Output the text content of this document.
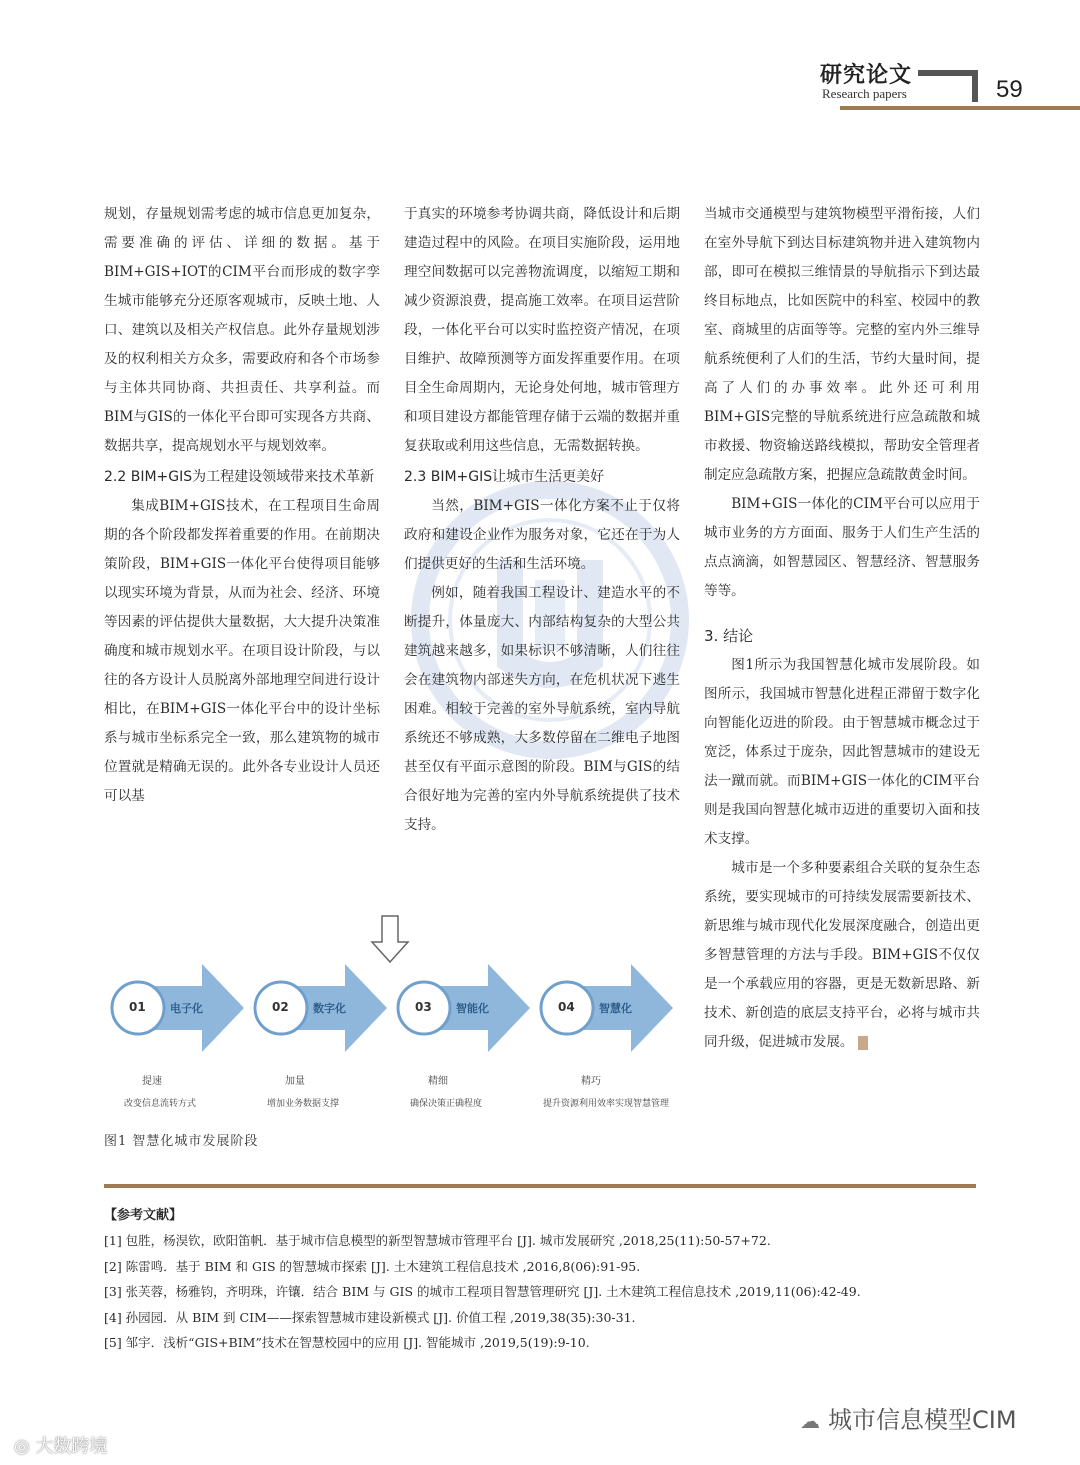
研究论文
Research papers	59

规划，存量规划需考虑的城市信息更加复杂，需要准确的评估、详细的数据。基于BIM+GIS+IOT的CIM平台而形成的数字孪生城市能够充分还原客观城市，反映土地、人口、建筑以及相关产权信息。此外存量规划涉及的权利相关方众多，需要政府和各个市场参与主体共同协商、共担责任、共享利益。而BIM与GIS的一体化平台即可实现各方共商、数据共享，提高规划水平与规划效率。

2.2 BIM+GIS为工程建设领域带来技术革新

集成BIM+GIS技术，在工程项目生命周期的各个阶段都发挥着重要的作用。在前期决策阶段，BIM+GIS一体化平台使得项目能够以现实环境为背景，从而为社会、经济、环境等因素的评估提供大量数据，大大提升决策准确度和城市规划水平。在项目设计阶段，与以往的各方设计人员脱离外部地理空间进行设计相比，在BIM+GIS一体化平台中的设计坐标系与城市坐标系完全一致，那么建筑物的城市位置就是精确无误的。此外各专业设计人员还可以基

于真实的环境参考协调共商，降低设计和后期建造过程中的风险。在项目实施阶段，运用地理空间数据可以完善物流调度，以缩短工期和减少资源浪费，提高施工效率。在项目运营阶段，一体化平台可以实时监控资产情况，在项目维护、故障预测等方面发挥重要作用。在项目全生命周期内，无论身处何地，城市管理方和项目建设方都能管理存储于云端的数据并重复获取或利用这些信息，无需数据转换。

2.3 BIM+GIS让城市生活更美好

当然，BIM+GIS一体化方案不止于仅将政府和建设企业作为服务对象，它还在于为人们提供更好的生活和生活环境。

例如，随着我国工程设计、建造水平的不断提升，体量庞大、内部结构复杂的大型公共建筑越来越多，如果标识不够清晰，人们往往会在建筑物内部迷失方向，在危机状况下逃生困难。相较于完善的室外导航系统，室内导航系统还不够成熟，大多数停留在二维电子地图甚至仅有平面示意图的阶段。BIM与GIS的结合很好地为完善的室内外导航系统提供了技术支持。

当城市交通模型与建筑物模型平滑衔接，人们在室外导航下到达目标建筑物并进入建筑物内部，即可在模拟三维情景的导航指示下到达最终目标地点，比如医院中的科室、校园中的教室、商城里的店面等等。完整的室内外三维导航系统便利了人们的生活，节约大量时间，提高了人们的办事效率。此外还可利用BIM+GIS完整的导航系统进行应急疏散和城市救援、物资输送路线模拟，帮助安全管理者制定应急疏散方案，把握应急疏散黄金时间。

BIM+GIS一体化的CIM平台可以应用于城市业务的方方面面、服务于人们生产生活的点点滴滴，如智慧园区、智慧经济、智慧服务等等。

3. 结论

图1所示为我国智慧化城市发展阶段。如图所示，我国城市智慧化进程正滞留于数字化向智能化迈进的阶段。由于智慧城市概念过于宽泛，体系过于庞杂，因此智慧城市的建设无法一蹴而就。而BIM+GIS一体化的CIM平台则是我国向智慧化城市迈进的重要切入面和技术支撑。

城市是一个多种要素组合关联的复杂生态系统，要实现城市的可持续发展需要新技术、新思维与城市现代化发展深度融合，创造出更多智慧管理的方法与手段。BIM+GIS不仅仅是一个承载应用的容器，更是无数新思路、新技术、新创造的底层支持平台，必将与城市共同升级，促进城市发展。

01 电子化
提速
改变信息流转方式
02 数字化
加量
增加业务数据支撑
03 智能化
精细
确保决策正确程度
04 智慧化
精巧
提升资源利用效率实现智慧管理
图1 智慧化城市发展阶段
【参考文献】
[1] 包胜，杨淏钦，欧阳笛帆．基于城市信息模型的新型智慧城市管理平台 [J]. 城市发展研究 ,2018,25(11):50-57+72.
[2] 陈雷鸣．基于 BIM 和 GIS 的智慧城市探索 [J]. 土木建筑工程信息技术 ,2016,8(06):91-95.
[3] 张芙蓉，杨雅钧，齐明珠，许镶．结合 BIM 与 GIS 的城市工程项目智慧管理研究 [J]. 土木建筑工程信息技术 ,2019,11(06):42-49.
[4] 孙园园．从 BIM 到 CIM——探索智慧城市建设新模式 [J]. 价值工程 ,2019,38(35):30-31.
[5] 邹宇．浅析“GIS+BIM”技术在智慧校园中的应用 [J]. 智能城市 ,2019,5(19):9-10.
☁ 城市信息模型CIM
◎ 大数跨境
